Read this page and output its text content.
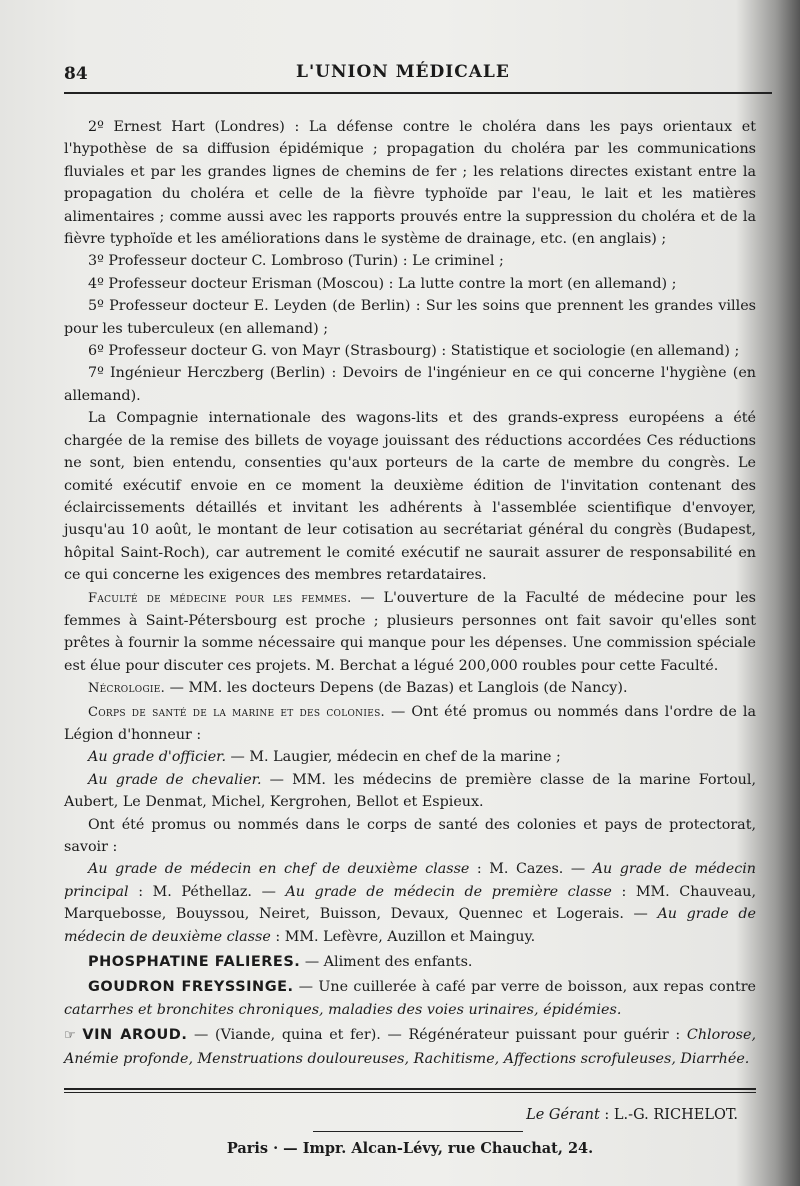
84	L'UNION MÉDICALE

2º Ernest Hart (Londres) : La défense contre le choléra dans les pays orientaux et l'hypothèse de sa diffusion épidémique ; propagation du choléra par les communications fluviales et par les grandes lignes de chemins de fer ; les relations directes existant entre la propagation du choléra et celle de la fièvre typhoïde par l'eau, le lait et les matières alimentaires ; comme aussi avec les rapports prouvés entre la suppression du choléra et de la fièvre typhoïde et les améliorations dans le système de drainage, etc. (en anglais) ;

3º Professeur docteur C. Lombroso (Turin) : Le criminel ;

4º Professeur docteur Erisman (Moscou) : La lutte contre la mort (en allemand) ;

5º Professeur docteur E. Leyden (de Berlin) : Sur les soins que prennent les grandes villes pour les tuberculeux (en allemand) ;

6º Professeur docteur G. von Mayr (Strasbourg) : Statistique et sociologie (en allemand) ;

7º Ingénieur Herczberg (Berlin) : Devoirs de l'ingénieur en ce qui concerne l'hygiène (en allemand).

La Compagnie internationale des wagons-lits et des grands-express européens a été chargée de la remise des billets de voyage jouissant des réductions accordées Ces réductions ne sont, bien entendu, consenties qu'aux porteurs de la carte de membre du congrès. Le comité exécutif envoie en ce moment la deuxième édition de l'invitation contenant des éclaircissements détaillés et invitant les adhérents à l'assemblée scientifique d'envoyer, jusqu'au 10 août, le montant de leur cotisation au secrétariat général du congrès (Budapest, hôpital Saint-Roch), car autrement le comité exécutif ne saurait assurer de responsabilité en ce qui concerne les exigences des membres retardataires.

Faculté de médecine pour les femmes. — L'ouverture de la Faculté de médecine pour les femmes à Saint-Pétersbourg est proche ; plusieurs personnes ont fait savoir qu'elles sont prêtes à fournir la somme nécessaire qui manque pour les dépenses. Une commission spéciale est élue pour discuter ces projets. M. Berchat a légué 200,000 roubles pour cette Faculté.

Nécrologie. — MM. les docteurs Depens (de Bazas) et Langlois (de Nancy).

Corps de santé de la marine et des colonies. — Ont été promus ou nommés dans l'ordre de la Légion d'honneur :

Au grade d'officier. — M. Laugier, médecin en chef de la marine ;

Au grade de chevalier. — MM. les médecins de première classe de la marine Fortoul, Aubert, Le Denmat, Michel, Kergrohen, Bellot et Espieux.

Ont été promus ou nommés dans le corps de santé des colonies et pays de protectorat, savoir :

Au grade de médecin en chef de deuxième classe : M. Cazes. — Au grade de médecin principal : M. Péthellaz. — Au grade de médecin de première classe : MM. Chauveau, Marquebosse, Bouyssou, Neiret, Buisson, Devaux, Quennec et Logerais. — Au grade de médecin de deuxième classe : MM. Lefèvre, Auzillon et Mainguy.

PHOSPHATINE FALIERES. — Aliment des enfants.

GOUDRON FREYSSINGE. — Une cuillerée à café par verre de boisson, aux repas contre catarrhes et bronchites chroniques, maladies des voies urinaires, épidémies.

☞ VIN AROUD. — (Viande, quina et fer). — Régénérateur puissant pour guérir : Chlorose, Anémie profonde, Menstruations douloureuses, Rachitisme, Affections scrofuleuses, Diarrhée.

Le Gérant : L.-G. RICHELOT.
Paris · — Impr. Alcan-Lévy, rue Chauchat, 24.
